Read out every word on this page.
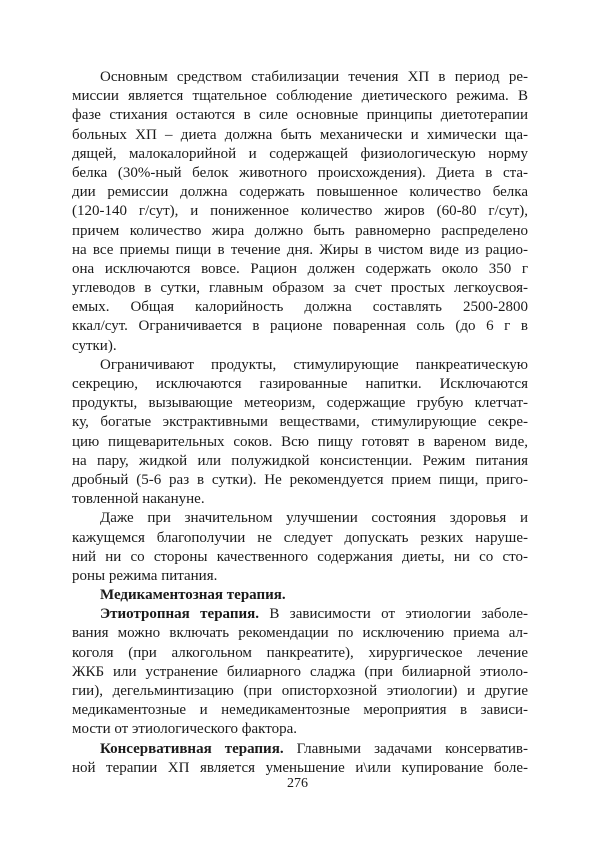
Основным средством стабилизации течения ХП в период ре-
миссии является тщательное соблюдение диетического режима. В
фазе стихания остаются в силе основные принципы диетотерапии
больных ХП – диета должна быть механически и химически ща-
дящей, малокалорийной и содержащей физиологическую норму
белка (30%-ный белок животного происхождения). Диета в ста-
дии ремиссии должна содержать повышенное количество белка
(120-140 г/сут), и пониженное количество жиров (60-80 г/сут),
причем количество жира должно быть равномерно распределено
на все приемы пищи в течение дня. Жиры в чистом виде из рацио-
она исключаются вовсе. Рацион должен содержать около 350 г
углеводов в сутки, главным образом за счет простых легкоусвоя-
емых. Общая калорийность должна составлять 2500-2800
ккал/сут. Ограничивается в рационе поваренная соль (до 6 г в
сутки).
Ограничивают продукты, стимулирующие панкреатическую
секрецию, исключаются газированные напитки. Исключаются
продукты, вызывающие метеоризм, содержащие грубую клетчат-
ку, богатые экстрактивными веществами, стимулирующие секре-
цию пищеварительных соков. Всю пищу готовят в вареном виде,
на пару, жидкой или полужидкой консистенции. Режим питания
дробный (5-6 раз в сутки). Не рекомендуется прием пищи, приго-
товленной накануне.
Даже при значительном улучшении состояния здоровья и
кажущемся благополучии не следует допускать резких наруше-
ний ни со стороны качественного содержания диеты, ни со сто-
роны режима питания.
Медикаментозная терапия.
Этиотропная терапия. В зависимости от этиологии заболе-
вания можно включать рекомендации по исключению приема ал-
коголя (при алкогольном панкреатите), хирургическое лечение
ЖКБ или устранение билиарного сладжа (при билиарной этиоло-
гии), дегельминтизацию (при описторхозной этиологии) и другие
медикаментозные и немедикаментозные мероприятия в зависи-
мости от этиологического фактора.
Консервативная терапия. Главными задачами консерватив-
ной терапии ХП является уменьшение и\или купирование боле-
276
